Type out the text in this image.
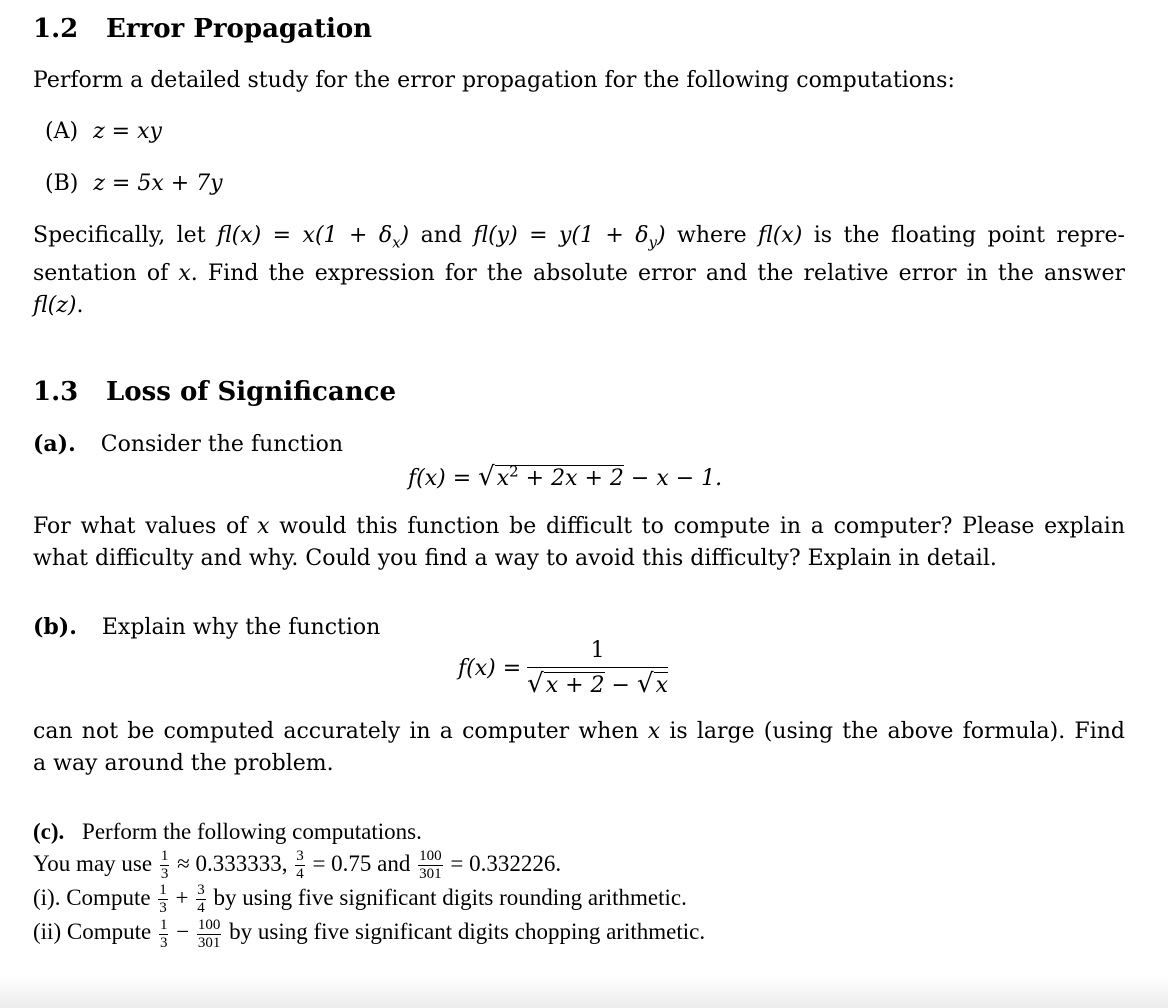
1.2 Error Propagation
Perform a detailed study for the error propagation for the following computations:
(A) z = xy
(B) z = 5x + 7y
Specifically, let $fl(x) = x(1 + \delta_x)$ and $fl(y) = y(1 + \delta_y)$ where fl(x) is the floating point repre-
sentation of x. Find the expression for the absolute error and the relative error in the answer
fl(z).
1.3 Loss of Significance
(a). Consider the function
$f(x) = √x^2 + 2x + 2 - x - 1$.
For what values of x would this function be difficult to compute in a computer? Please explain
what difficulty and why. Could you find a way to avoid this difficulty? Explain in detail.
(b). Explain why the function
$f(x) = \frac{1}{√x + 2 - √x}$
can not be computed accurately in a computer when x is large (using the above formula). Find
a way around the problem.
(c). Perform the following computations.
You may use $\frac{1}{3} \approx 0.333333$, $\frac{3}{4} = 0.75$ and $\frac{100}{301} = 0.332226$.
(i). Compute $\frac{1}{3} + \frac{3}{4}$ by using five significant digits rounding arithmetic.
(ii) Compute $\frac{1}{3} - \frac{100}{301}$ by using five significant digits chopping arithmetic.
